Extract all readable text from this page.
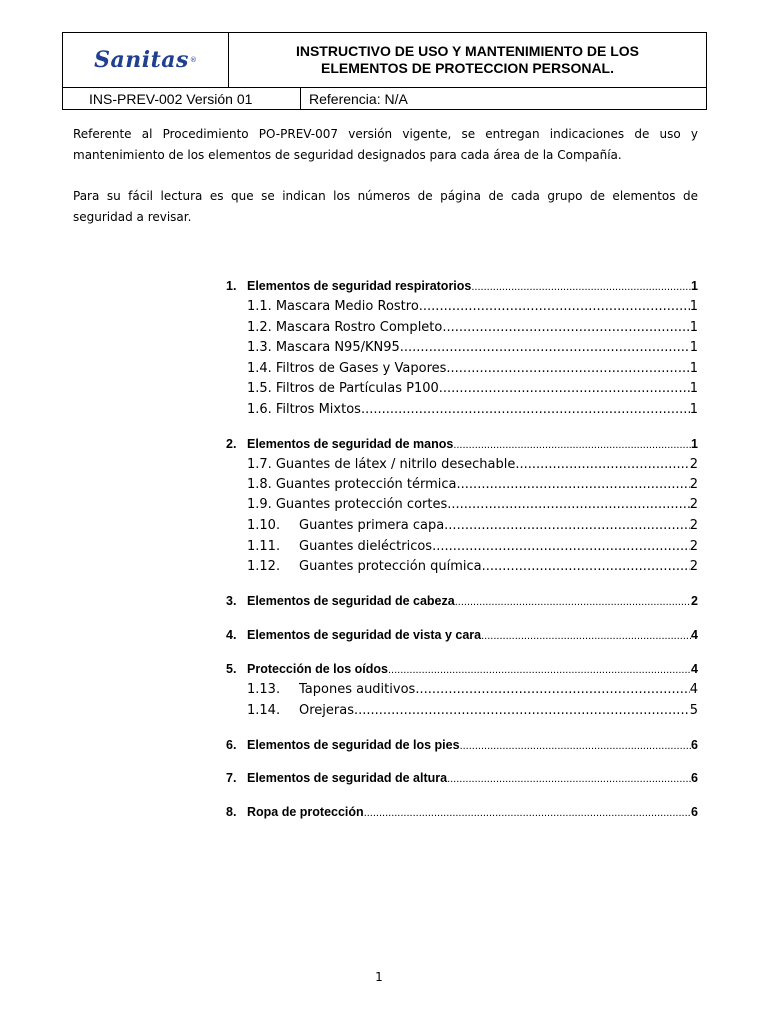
Sanitas ®
INSTRUCTIVO DE USO Y MANTENIMIENTO DE LOS
ELEMENTOS DE PROTECCION PERSONAL.
INS-PREV-002 Versión 01	Referencia: N/A

Referente al Procedimiento PO-PREV-007 versión vigente, se entregan indicaciones de uso y mantenimiento de los elementos de seguridad designados para cada área de la Compañía.

Para su fácil lectura es que se indican los números de página de cada grupo de elementos de seguridad a revisar.

1. Elementos de seguridad respiratorios .....	1
1.1. Mascara Medio Rostro .....	1
1.2. Mascara Rostro Completo .....	1
1.3. Mascara N95/KN95 .....	1
1.4. Filtros de Gases y Vapores .....	1
1.5. Filtros de Partículas P100 .....	1
1.6. Filtros Mixtos .....	1
2. Elementos de seguridad de manos .....	1
1.7. Guantes de látex / nitrilo desechable .....	2
1.8. Guantes protección térmica .....	2
1.9. Guantes protección cortes .....	2
1.10.	Guantes primera capa .....	2
1.11.	Guantes dieléctricos .....	2
1.12.	Guantes protección química .....	2
3. Elementos de seguridad de cabeza .....	2
4. Elementos de seguridad de vista y cara .....	4
5. Protección de los oídos .....	4
1.13.	Tapones auditivos .....	4
1.14.	Orejeras .....	5
6. Elementos de seguridad de los pies .....	6
7. Elementos de seguridad de altura .....	6
8. Ropa de protección .....	6
1
